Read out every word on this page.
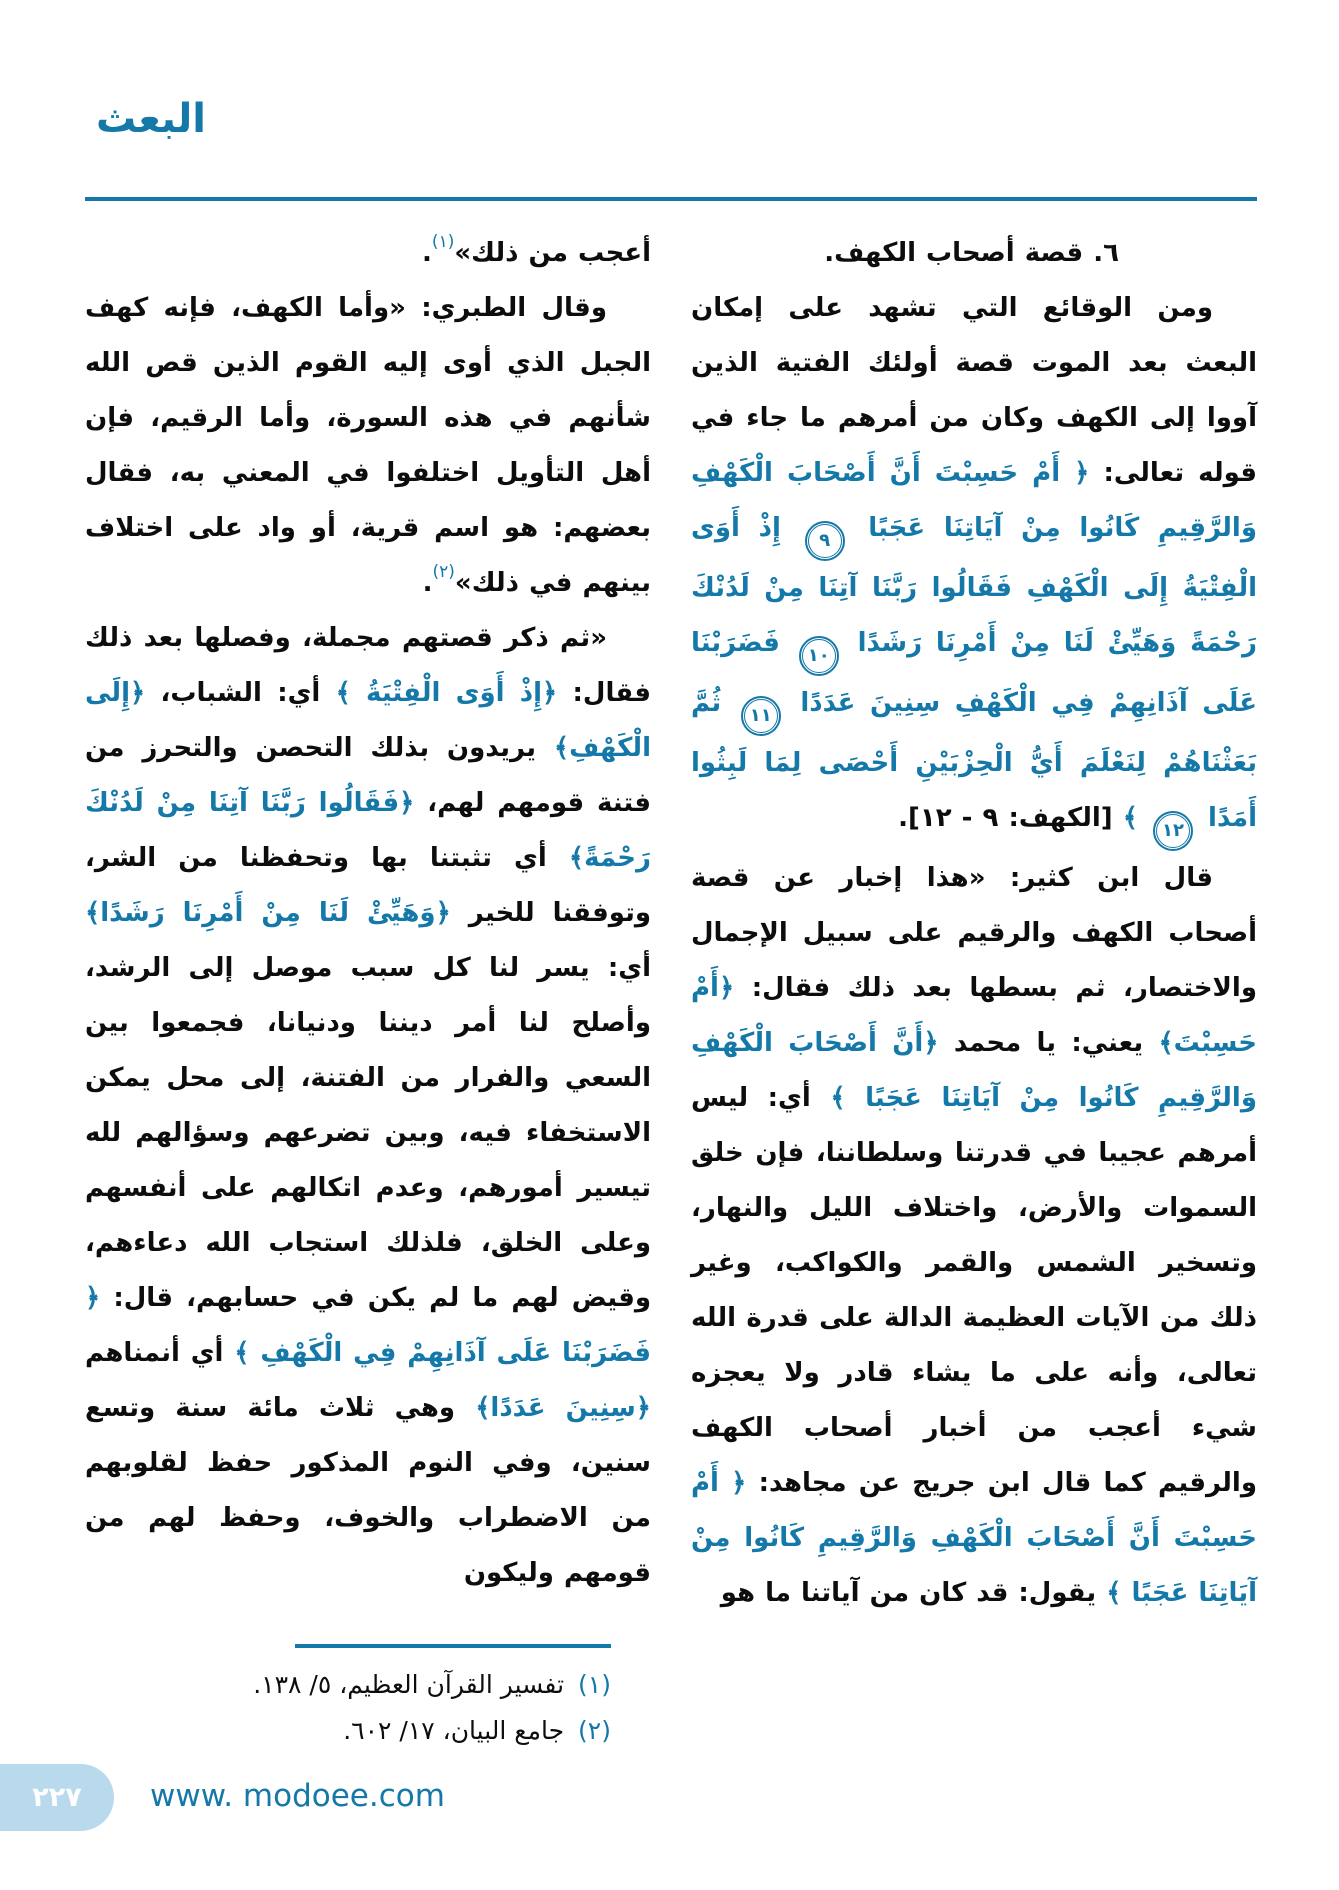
البعث

٦. قصة أصحاب الكهف.

ومن الوقائع التي تشهد على إمكان البعث بعد الموت قصة أولئك الفتية الذين آووا إلى الكهف وكان من أمرهم ما جاء في قوله تعالى: ﴿ أَمْ حَسِبْتَ أَنَّ أَصْحَابَ الْكَهْفِ وَالرَّقِيمِ كَانُوا مِنْ آيَاتِنَا عَجَبًا
٩
إِذْ أَوَى الْفِتْيَةُ إِلَى الْكَهْفِ فَقَالُوا رَبَّنَا آتِنَا مِنْ لَدُنْكَ رَحْمَةً وَهَيِّئْ لَنَا مِنْ أَمْرِنَا رَشَدًا
١٠
فَضَرَبْنَا عَلَى آذَانِهِمْ فِي الْكَهْفِ سِنِينَ عَدَدًا
١١
ثُمَّ بَعَثْنَاهُمْ لِنَعْلَمَ أَيُّ الْحِزْبَيْنِ أَحْصَى لِمَا لَبِثُوا أَمَدًا
١٢
﴾ [الكهف: ٩ - ١٢].

قال ابن كثير: «هذا إخبار عن قصة أصحاب الكهف والرقيم على سبيل الإجمال والاختصار، ثم بسطها بعد ذلك فقال: ﴿أَمْ حَسِبْتَ﴾ يعني: يا محمد ﴿أَنَّ أَصْحَابَ الْكَهْفِ وَالرَّقِيمِ كَانُوا مِنْ آيَاتِنَا عَجَبًا ﴾ أي: ليس أمرهم عجيبا في قدرتنا وسلطاننا، فإن خلق السموات والأرض، واختلاف الليل والنهار، وتسخير الشمس والقمر والكواكب، وغير ذلك من الآيات العظيمة الدالة على قدرة الله تعالى، وأنه على ما يشاء قادر ولا يعجزه شيء أعجب من أخبار أصحاب الكهف والرقيم كما قال ابن جريج عن مجاهد: ﴿ أَمْ حَسِبْتَ أَنَّ أَصْحَابَ الْكَهْفِ وَالرَّقِيمِ كَانُوا مِنْ آيَاتِنَا عَجَبًا ﴾ يقول: قد كان من آياتنا ما هو

أعجب من ذلك»$^{(١)}$.

وقال الطبري: «وأما الكهف، فإنه كهف الجبل الذي أوى إليه القوم الذين قص الله شأنهم في هذه السورة، وأما الرقيم، فإن أهل التأويل اختلفوا في المعني به، فقال بعضهم: هو اسم قرية، أو واد على اختلاف بينهم في ذلك»$^{(٢)}$.

«ثم ذكر قصتهم مجملة، وفصلها بعد ذلك فقال: ﴿إِذْ أَوَى الْفِتْيَةُ ﴾ أي: الشباب، ﴿إِلَى الْكَهْفِ﴾ يريدون بذلك التحصن والتحرز من فتنة قومهم لهم، ﴿فَقَالُوا رَبَّنَا آتِنَا مِنْ لَدُنْكَ رَحْمَةً﴾ أي تثبتنا بها وتحفظنا من الشر، وتوفقنا للخير ﴿وَهَيِّئْ لَنَا مِنْ أَمْرِنَا رَشَدًا﴾ أي: يسر لنا كل سبب موصل إلى الرشد، وأصلح لنا أمر ديننا ودنيانا، فجمعوا بين السعي والفرار من الفتنة، إلى محل يمكن الاستخفاء فيه، وبين تضرعهم وسؤالهم لله تيسير أمورهم، وعدم اتكالهم على أنفسهم وعلى الخلق، فلذلك استجاب الله دعاءهم، وقيض لهم ما لم يكن في حسابهم، قال: ﴿ فَضَرَبْنَا عَلَى آذَانِهِمْ فِي الْكَهْفِ ﴾ أي أنمناهم ﴿سِنِينَ عَدَدًا﴾ وهي ثلاث مائة سنة وتسع سنين، وفي النوم المذكور حفظ لقلوبهم من الاضطراب والخوف، وحفظ لهم من قومهم وليكون

(١)تفسير القرآن العظيم، ٥/ ١٣٨.
(٢)جامع البيان، ١٧/ ٦٠٢.
٢٢٧ www. modoee.com
